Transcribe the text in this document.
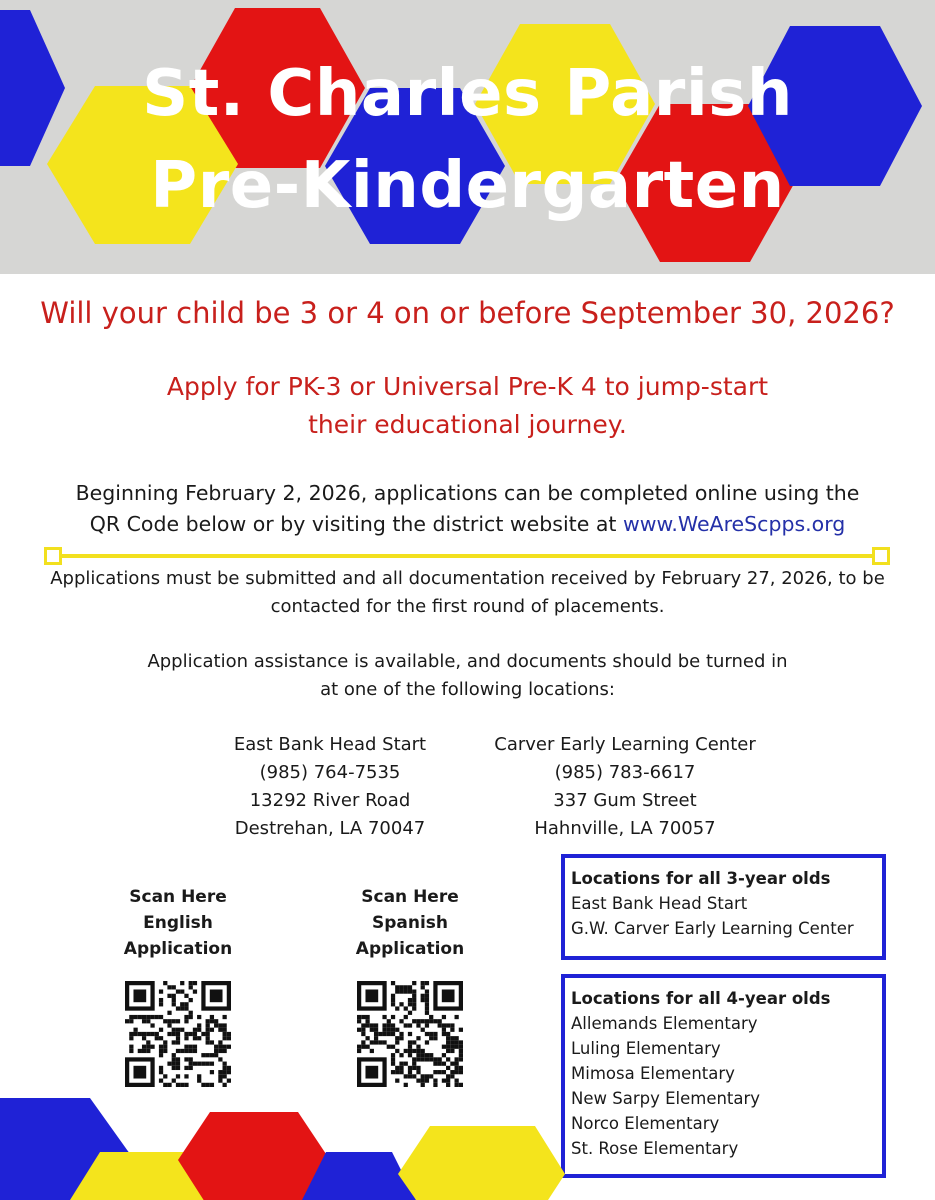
St. Charles Parish
Pre-Kindergarten
Will your child be 3 or 4 on or before September 30, 2026?
Apply for PK-3 or Universal Pre-K 4 to jump-start
their educational journey.
Beginning February 2, 2026, applications can be completed online using the
QR Code below or by visiting the district website at www.WeAreScpps.org
Applications must be submitted and all documentation received by February 27, 2026, to be
contacted for the first round of placements.
Application assistance is available, and documents should be turned in
at one of the following locations:
East Bank Head Start
(985) 764-7535
13292 River Road
Destrehan, LA 70047
Carver Early Learning Center
(985) 783-6617
337 Gum Street
Hahnville, LA 70057
Scan Here
English
Application
Scan Here
Spanish
Application
Locations for all 3-year olds
East Bank Head Start
G.W. Carver Early Learning Center
Locations for all 4-year olds
Allemands Elementary
Luling Elementary
Mimosa Elementary
New Sarpy Elementary
Norco Elementary
St. Rose Elementary
